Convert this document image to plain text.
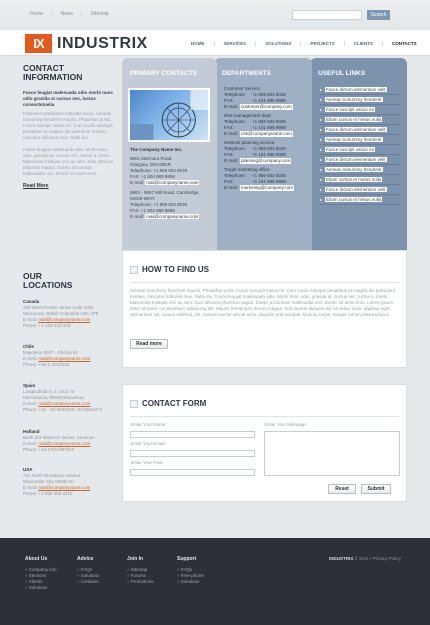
Home | News | Sitemap	Search
IX INDUSTRIX	HOME	SERVICES	SOLUTIONS	PROJECTS	CLIENTS	CONTACTS
CONTACT
INFORMATION
Fusce feugiat malesuada odio morbi nunc odio gravida at cursus nec, luctus consectetuelia
Praesent vestibulum molestie lacus. Aenean nonummy hendrerit mauris. Phasellus porta. Fusce suscipit varius mi. Cum sociis natoque penatibus et magnis dis parturient montes, nascetur ridiculus mus. Nulla dui.
Fusce feugiat malesuada odio. Morbi nunc odio, gravida at, cursus nec, luctus a, lorem. Maecenas tristique orci ac sem. Duis ultricies pharetra magna. Donec accumsan malesuada orci. Donec sit amet eros.
Read More
OUR
LOCATIONS
Canada
200 West Pender Street Suite 1001
Vancouver, British Columbia V6C 2T8
E-mail: mail@companyname.com
Phone: +1-123-123-134
Chile
Napoleon 3037 - Oficina 84
E-mail: mail@companyname.com
Phone: +56-2-2333333
Spain
Longitudinal 4, 2, Cruz 73
Mercabarna, 08040 Barcelona
E-mail: mail@companyname.com
Phone: +34 - 93-5564333 / 93-5564373
Holland
Berth 2/3 Shannon Docks, Shannon
E-mail: mail@companyname.com
Phone: +44-1715-897610
USA
701 North Broadway Avenue
Gloucester City 08030 NJ
E-mail: mail@companyname.com
Phone: +1 856 456 2012
USEFUL LINKS
DEPARTMENTS
PRIMARY CONTACTS
The Company Name Inc.
8901 Marmora Road,
Glasgow, D04 89GR
Telephone: +1 959 603 6035
FAX: +1 504 889 9898
E-mail: mail@companyname.com
9863 - 9867 Mill Road, Cambridge, MG09 99HT.
Telephone: +1 959 603 6035
FAX: +1 504 889 9898
E-mail: mail@companyname.com
Customer Service:
Telephone:	+1 959 603 6035
FAX:	+1 101 888 9898
E-mail: customer@company.com
Risk management dept:
Telephone:	+1 959 603 6035
FAX:	+1 101 888 9898
E-mail: risk@companyname.com
Network planning service:
Telephone:	+1 959 603 6035
FAX:	+1 101 888 9898
E-mail: planning@company.com
Target marketing office:
Telephone:	+1 959 603 6035
FAX:	+1 101 888 9898
E-mail: marketing@company.com
Fusce dictum elementum velit
Aenean nonummy hendrerit
Fusce suscipit varius mi
Etiam cursus et metus nulla
Fusce dictum elementum velit
Aenean nonummy hendrerit
Fusce suscipit varius mi
Fusce dictum elementum velit
Aenean nonummy hendrerit
Etiam cursus et metus nulla
Fusce dictum elementum velit
Etiam cursus et metus nulla
HOW TO FIND US
Aenean nonummy hendrerit mauris. Phasellus porta. Fusce suscipit varius mi. Cum sociis natoque penatibus et magnis dis parturient montes, nascetur ridiculus mus. Nulla dui. Fusce feugiat malesuada odio. Morbi nunc odio, gravida at, cursus nec, luctus a, lorem. Maecenas tristique orci ac sem. Duis ultricies pharetra magna. Donec accumsan malesuada orci. Donec sit amet eros. Lorem ipsum dolor sit amet, consectetuer adipiscing elit. Mauris fermentum dictum magna. Sed laoreet aliquam leo. Ut tellus dolor, dapibus eget, elementum vel, cursus eleifend, elit. Aenean auctor wisi et urna. Aliquam erat volutpat. Duis ac turpis. Integer rutrum ante eu lacus.
Read more
CONTACT FORM
Enter Your Name:
Enter Your Email:
Enter Your Pain:
Enter Your Message:
Reset	Submit
About Us
» Company info
» Services
» Clients
» Solutions
Advice
» FAQs
» Solutions
» Contacts
Join In
» Sitemap
» Forums
» Promotions
Support
» FAQs
» Free phone
» Solutions
INDUSTRIX © 2011 • Privacy Policy
